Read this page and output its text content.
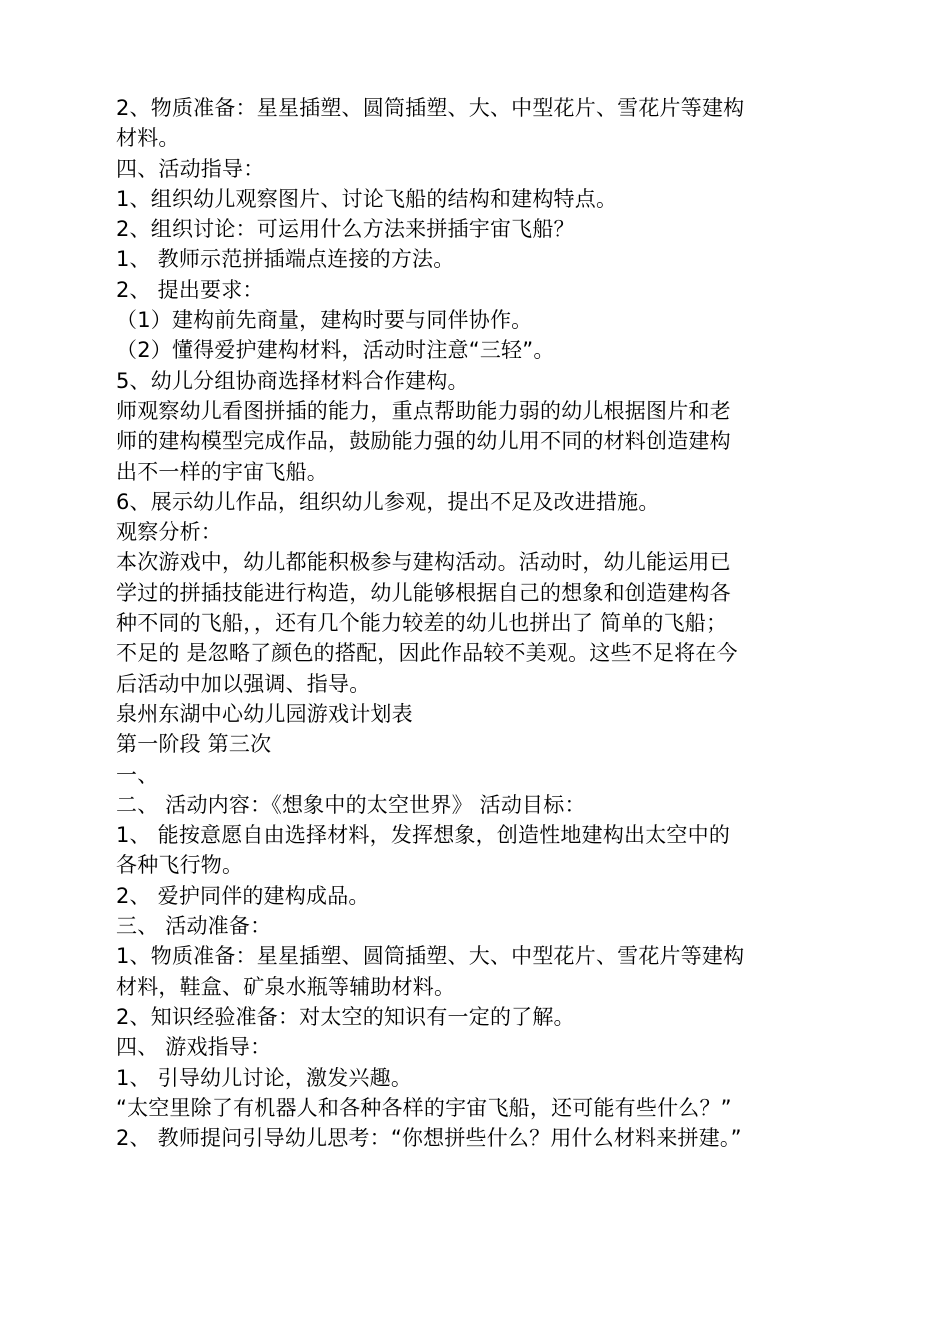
2、物质准备：星星插塑、圆筒插塑、大、中型花片、雪花片等建构
材料。
四、活动指导：
1、组织幼儿观察图片、讨论飞船的结构和建构特点。
2、组织讨论：可运用什么方法来拼插宇宙飞船？
1、 教师示范拼插端点连接的方法。
2、 提出要求：
（1）建构前先商量，建构时要与同伴协作。
（2）懂得爱护建构材料，活动时注意“三轻”。
5、幼儿分组协商选择材料合作建构。
师观察幼儿看图拼插的能力，重点帮助能力弱的幼儿根据图片和老
师的建构模型完成作品，鼓励能力强的幼儿用不同的材料创造建构
出不一样的宇宙飞船。
6、展示幼儿作品，组织幼儿参观，提出不足及改进措施。
观察分析：
本次游戏中，幼儿都能积极参与建构活动。活动时，幼儿能运用已
学过的拼插技能进行构造，幼儿能够根据自己的想象和创造建构各
种不同的飞船，，还有几个能力较差的幼儿也拼出了 简单的飞船；
不足的 是忽略了颜色的搭配，因此作品较不美观。这些不足将在今
后活动中加以强调、指导。
泉州东湖中心幼儿园游戏计划表
第一阶段 第三次
一、
二、 活动内容：《想象中的太空世界》 活动目标：
1、 能按意愿自由选择材料，发挥想象，创造性地建构出太空中的
各种飞行物。
2、 爱护同伴的建构成品。
三、 活动准备：
1、物质准备：星星插塑、圆筒插塑、大、中型花片、雪花片等建构
材料，鞋盒、矿泉水瓶等辅助材料。
2、知识经验准备：对太空的知识有一定的了解。
四、 游戏指导：
1、 引导幼儿讨论，激发兴趣。
“太空里除了有机器人和各种各样的宇宙飞船，还可能有些什么？”
2、 教师提问引导幼儿思考：“你想拼些什么？用什么材料来拼建。”
